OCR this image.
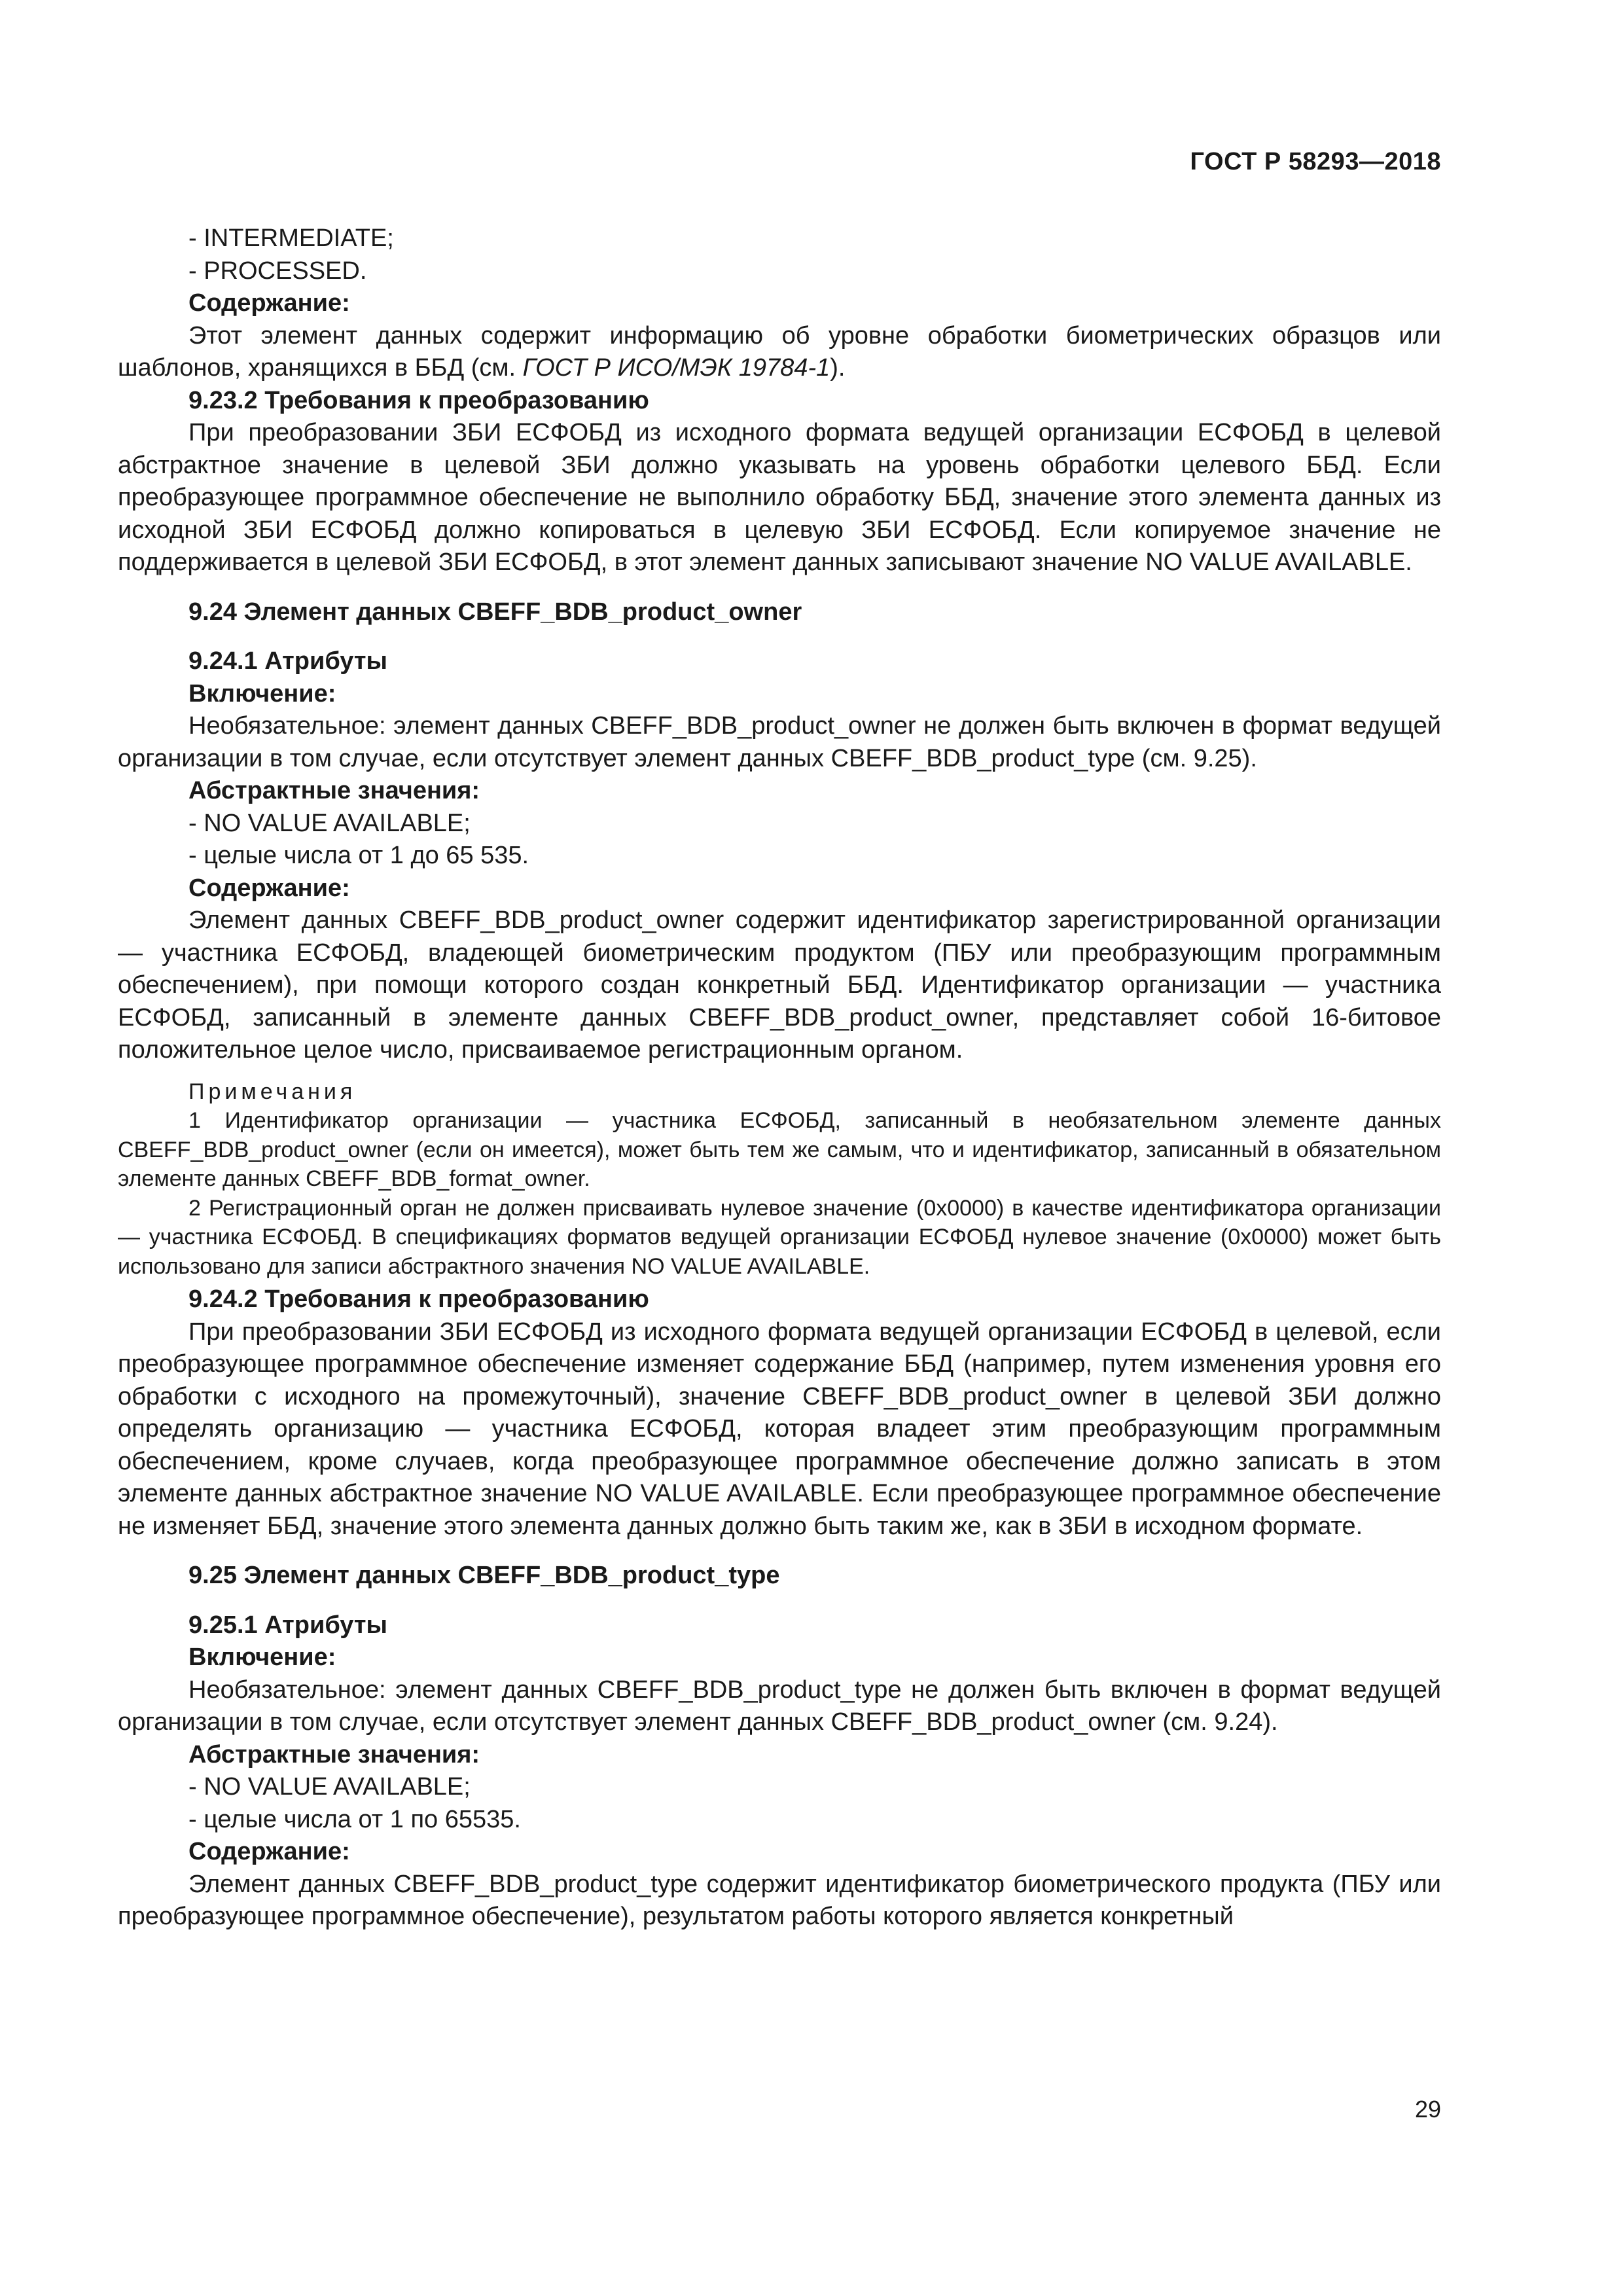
ГОСТ Р 58293—2018

- INTERMEDIATE;

- PROCESSED.

Содержание:

Этот элемент данных содержит информацию об уровне обработки биометрических образцов или шаблонов, хранящихся в ББД (см. ГОСТ Р ИСО/МЭК 19784-1).

9.23.2 Требования к преобразованию

При преобразовании ЗБИ ЕСФОБД из исходного формата ведущей организации ЕСФОБД в целевой абстрактное значение в целевой ЗБИ должно указывать на уровень обработки целевого ББД. Если преобразующее программное обеспечение не выполнило обработку ББД, значение этого элемента данных из исходной ЗБИ ЕСФОБД должно копироваться в целевую ЗБИ ЕСФОБД. Если копируемое значение не поддерживается в целевой ЗБИ ЕСФОБД, в этот элемент данных записывают значение NO VALUE AVAILABLE.

9.24 Элемент данных CBEFF_BDB_product_owner

9.24.1 Атрибуты

Включение:

Необязательное: элемент данных CBEFF_BDB_product_owner не должен быть включен в формат ведущей организации в том случае, если отсутствует элемент данных CBEFF_BDB_product_type (см. 9.25).

Абстрактные значения:

- NO VALUE AVAILABLE;

- целые числа от 1 до 65 535.

Содержание:

Элемент данных CBEFF_BDB_product_owner содержит идентификатор зарегистрированной организации — участника ЕСФОБД, владеющей биометрическим продуктом (ПБУ или преобразующим программным обеспечением), при помощи которого создан конкретный ББД. Идентификатор организации — участника ЕСФОБД, записанный в элементе данных CBEFF_BDB_product_owner, представляет собой 16-битовое положительное целое число, присваиваемое регистрационным органом.

Примечания

1 Идентификатор организации — участника ЕСФОБД, записанный в необязательном элементе данных CBEFF_BDB_product_owner (если он имеется), может быть тем же самым, что и идентификатор, записанный в обязательном элементе данных CBEFF_BDB_format_owner.

2 Регистрационный орган не должен присваивать нулевое значение (0x0000) в качестве идентификатора организации — участника ЕСФОБД. В спецификациях форматов ведущей организации ЕСФОБД нулевое значение (0x0000) может быть использовано для записи абстрактного значения NO VALUE AVAILABLE.

9.24.2 Требования к преобразованию

При преобразовании ЗБИ ЕСФОБД из исходного формата ведущей организации ЕСФОБД в целевой, если преобразующее программное обеспечение изменяет содержание ББД (например, путем изменения уровня его обработки с исходного на промежуточный), значение CBEFF_BDB_product_owner в целевой ЗБИ должно определять организацию — участника ЕСФОБД, которая владеет этим преобразующим программным обеспечением, кроме случаев, когда преобразующее программное обеспечение должно записать в этом элементе данных абстрактное значение NO VALUE AVAILABLE. Если преобразующее программное обеспечение не изменяет ББД, значение этого элемента данных должно быть таким же, как в ЗБИ в исходном формате.

9.25 Элемент данных CBEFF_BDB_product_type

9.25.1 Атрибуты

Включение:

Необязательное: элемент данных CBEFF_BDB_product_type не должен быть включен в формат ведущей организации в том случае, если отсутствует элемент данных CBEFF_BDB_product_owner (см. 9.24).

Абстрактные значения:

- NO VALUE AVAILABLE;

- целые числа от 1 по 65535.

Содержание:

Элемент данных CBEFF_BDB_product_type содержит идентификатор биометрического продукта (ПБУ или преобразующее программное обеспечение), результатом работы которого является конкретный

29
